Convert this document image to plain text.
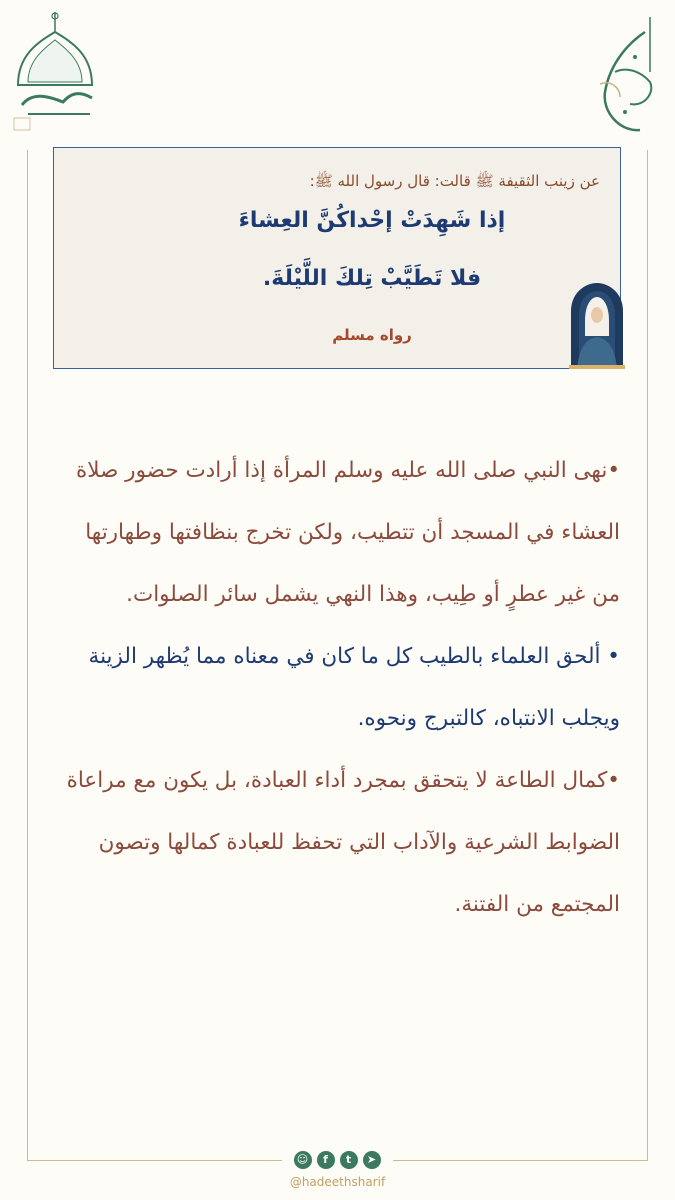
عن زينب الثقيفة ﷺ قالت: قال رسول الله ﷺ:
إذا شَهِدَتْ إحْداكُنَّ العِشاءَ
فلا تَطَيَّبْ تِلكَ اللَّيْلَةَ.
رواه مسلم

•نهى النبي صلى الله عليه وسلم المرأة إذا أرادت حضور صلاة العشاء في المسجد أن تتطيب، ولكن تخرج بنظافتها وطهارتها من غير عطرٍ أو طِيب، وهذا النهي يشمل سائر الصلوات.

• ألحق العلماء بالطيب كل ما كان في معناه مما يُظهر الزينة ويجلب الانتباه، كالتبرج ونحوه.

•كمال الطاعة لا يتحقق بمجرد أداء العبادة، بل يكون مع مراعاة الضوابط الشرعية والآداب التي تحفظ للعبادة كمالها وتصون المجتمع من الفتنة.

☺	f	t	➤
@hadeethsharif
